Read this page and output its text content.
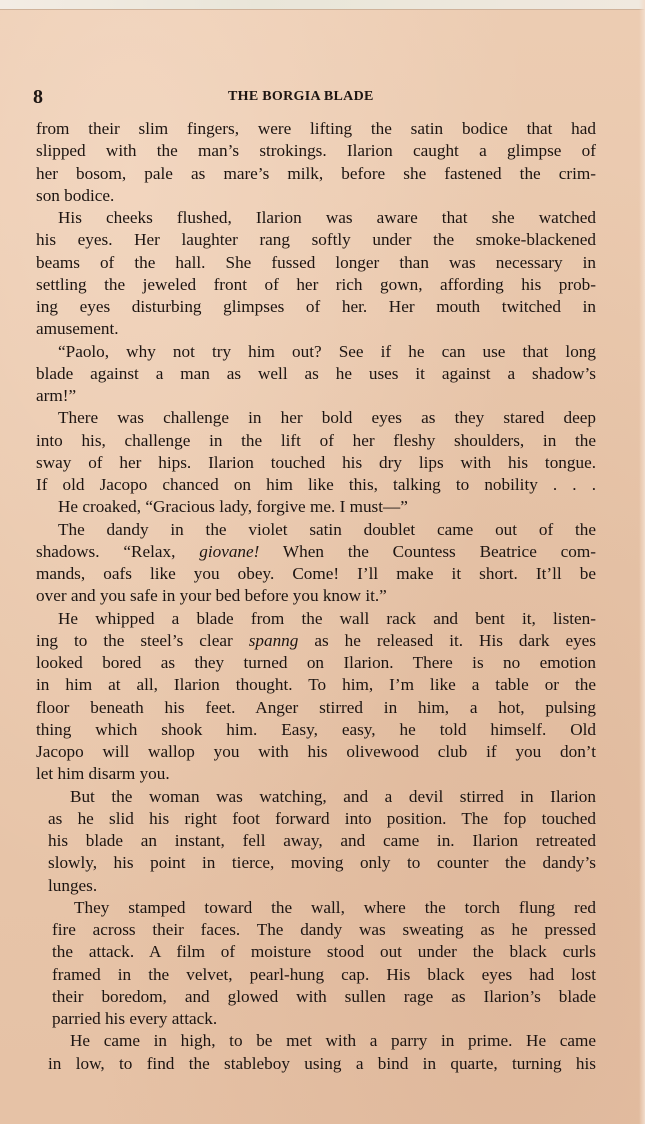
8	THE BORGIA BLADE
from their slim fingers, were lifting the satin bodice that had
slipped with the man’s strokings. Ilarion caught a glimpse of
her bosom, pale as mare’s milk, before she fastened the crim-
son bodice.
His cheeks flushed, Ilarion was aware that she watched
his eyes. Her laughter rang softly under the smoke-blackened
beams of the hall. She fussed longer than was necessary in
settling the jeweled front of her rich gown, affording his prob-
ing eyes disturbing glimpses of her. Her mouth twitched in
amusement.
“Paolo, why not try him out? See if he can use that long
blade against a man as well as he uses it against a shadow’s
arm!”
There was challenge in her bold eyes as they stared deep
into his, challenge in the lift of her fleshy shoulders, in the
sway of her hips. Ilarion touched his dry lips with his tongue.
If old Jacopo chanced on him like this, talking to nobility . . .
He croaked, “Gracious lady, forgive me. I must—”
The dandy in the violet satin doublet came out of the
shadows. “Relax, giovane! When the Countess Beatrice com-
mands, oafs like you obey. Come! I’ll make it short. It’ll be
over and you safe in your bed before you know it.”
He whipped a blade from the wall rack and bent it, listen-
ing to the steel’s clear spanng as he released it. His dark eyes
looked bored as they turned on Ilarion. There is no emotion
in him at all, Ilarion thought. To him, I’m like a table or the
floor beneath his feet. Anger stirred in him, a hot, pulsing
thing which shook him. Easy, easy, he told himself. Old
Jacopo will wallop you with his olivewood club if you don’t
let him disarm you.
But the woman was watching, and a devil stirred in Ilarion
as he slid his right foot forward into position. The fop touched
his blade an instant, fell away, and came in. Ilarion retreated
slowly, his point in tierce, moving only to counter the dandy’s
lunges.
They stamped toward the wall, where the torch flung red
fire across their faces. The dandy was sweating as he pressed
the attack. A film of moisture stood out under the black curls
framed in the velvet, pearl-hung cap. His black eyes had lost
their boredom, and glowed with sullen rage as Ilarion’s blade
parried his every attack.
He came in high, to be met with a parry in prime. He came
in low, to find the stableboy using a bind in quarte, turning his
